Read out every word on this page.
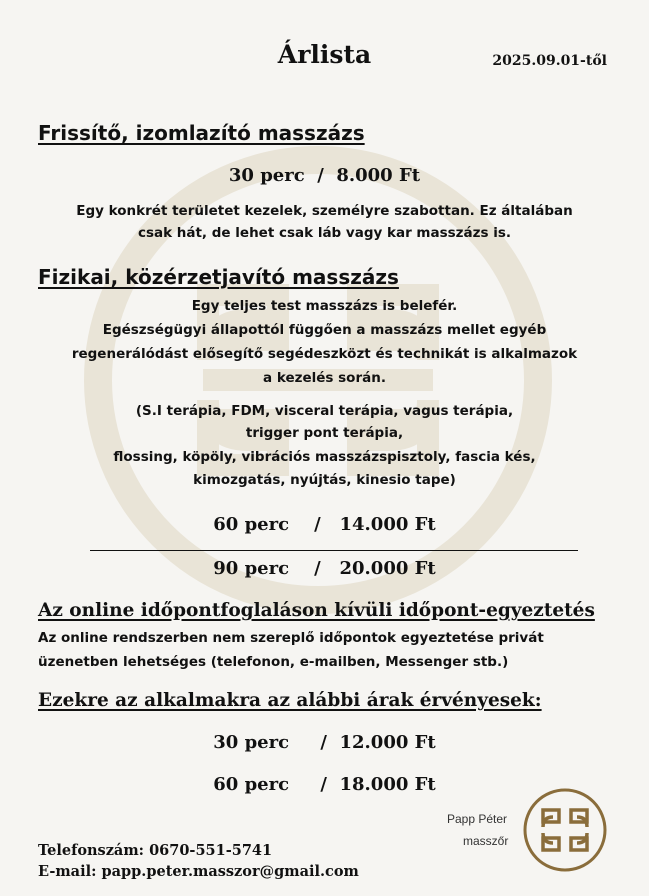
Árlista	2025.09.01-től
Frissítő, izomlazító masszázs
30 perc  /  8.000 Ft
Egy konkrét területet kezelek, személyre szabottan. Ez általában
csak hát, de lehet csak láb vagy kar masszázs is.
Fizikai, közérzetjavító masszázs
Egy teljes test masszázs is belefér.
Egészségügyi állapottól függően a masszázs mellet egyéb
regenerálódást elősegítő segédeszközt és technikát is alkalmazok
a kezelés során.
(S.I terápia, FDM, visceral terápia, vagus terápia,
trigger pont terápia,
flossing, köpöly, vibrációs masszázspisztoly, fascia kés,
kimozgatás, nyújtás, kinesio tape)
60 perc    /   14.000 Ft
90 perc    /   20.000 Ft
Az online időpontfoglaláson kívüli időpont-egyeztetés
Az online rendszerben nem szereplő időpontok egyeztetése privát
üzenetben lehetséges (telefonon, e-mailben, Messenger stb.)
Ezekre az alkalmakra az alábbi árak érvényesek:
30 perc     /  12.000 Ft
60 perc     /  18.000 Ft
Telefonszám: 0670-551-5741
E-mail: papp.peter.masszor@gmail.com
Papp Péter
masszőr
